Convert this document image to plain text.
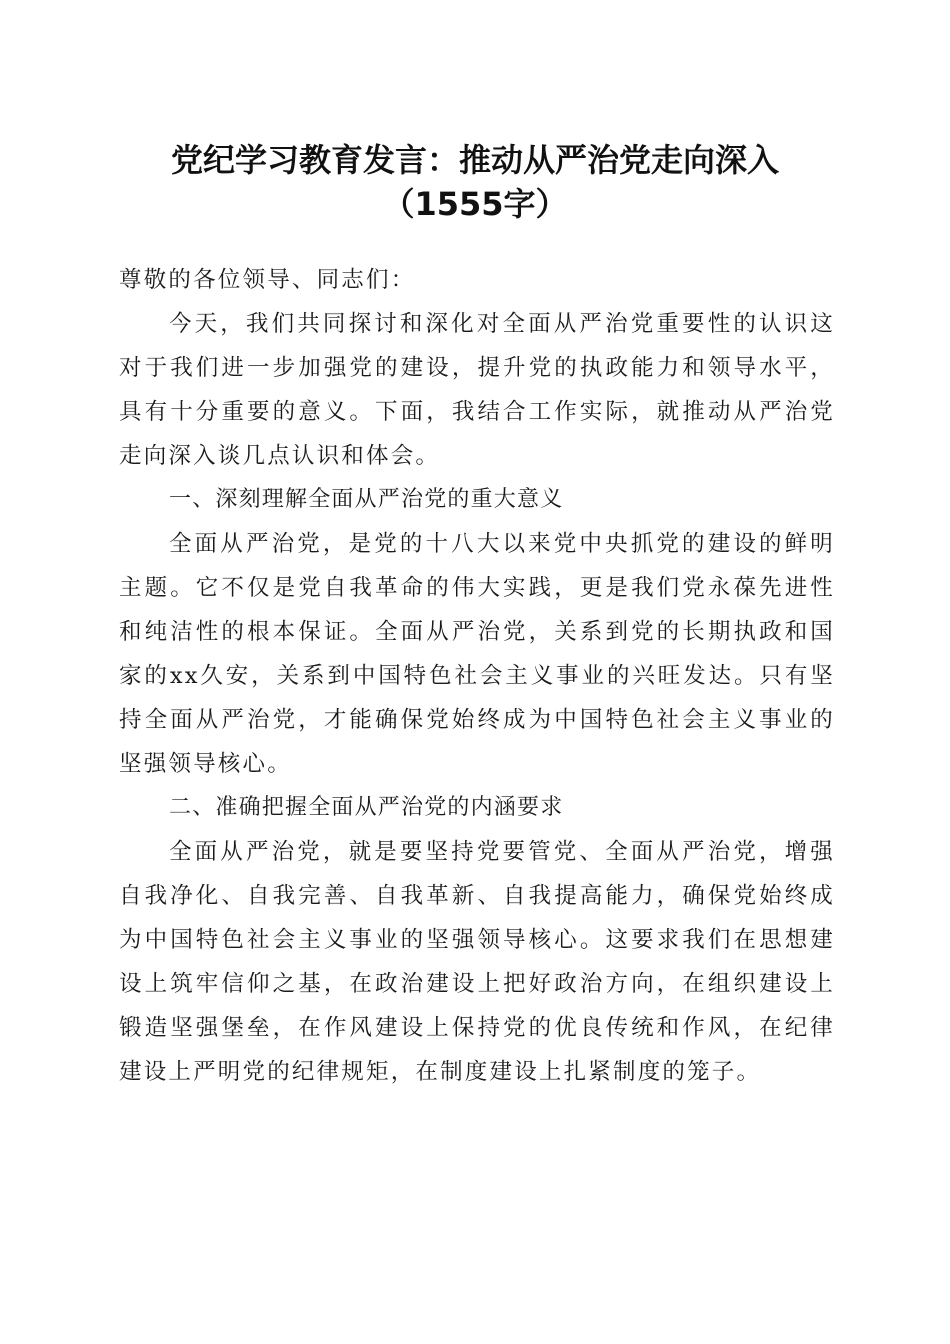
党纪学习教育发言：推动从严治党走向深入
（1555字）

尊敬的各位领导、同志们：

今天，我们共同探讨和深化对全面从严治党重要性的认识这对于我们进一步加强党的建设，提升党的执政能力和领导水平，具有十分重要的意义。下面，我结合工作实际，就推动从严治党走向深入谈几点认识和体会。

一、深刻理解全面从严治党的重大意义

全面从严治党，是党的十八大以来党中央抓党的建设的鲜明主题。它不仅是党自我革命的伟大实践，更是我们党永葆先进性和纯洁性的根本保证。全面从严治党，关系到党的长期执政和国家的xx久安，关系到中国特色社会主义事业的兴旺发达。只有坚持全面从严治党，才能确保党始终成为中国特色社会主义事业的坚强领导核心。

二、准确把握全面从严治党的内涵要求

全面从严治党，就是要坚持党要管党、全面从严治党，增强自我净化、自我完善、自我革新、自我提高能力，确保党始终成为中国特色社会主义事业的坚强领导核心。这要求我们在思想建设上筑牢信仰之基，在政治建设上把好政治方向，在组织建设上锻造坚强堡垒，在作风建设上保持党的优良传统和作风，在纪律建设上严明党的纪律规矩，在制度建设上扎紧制度的笼子。
